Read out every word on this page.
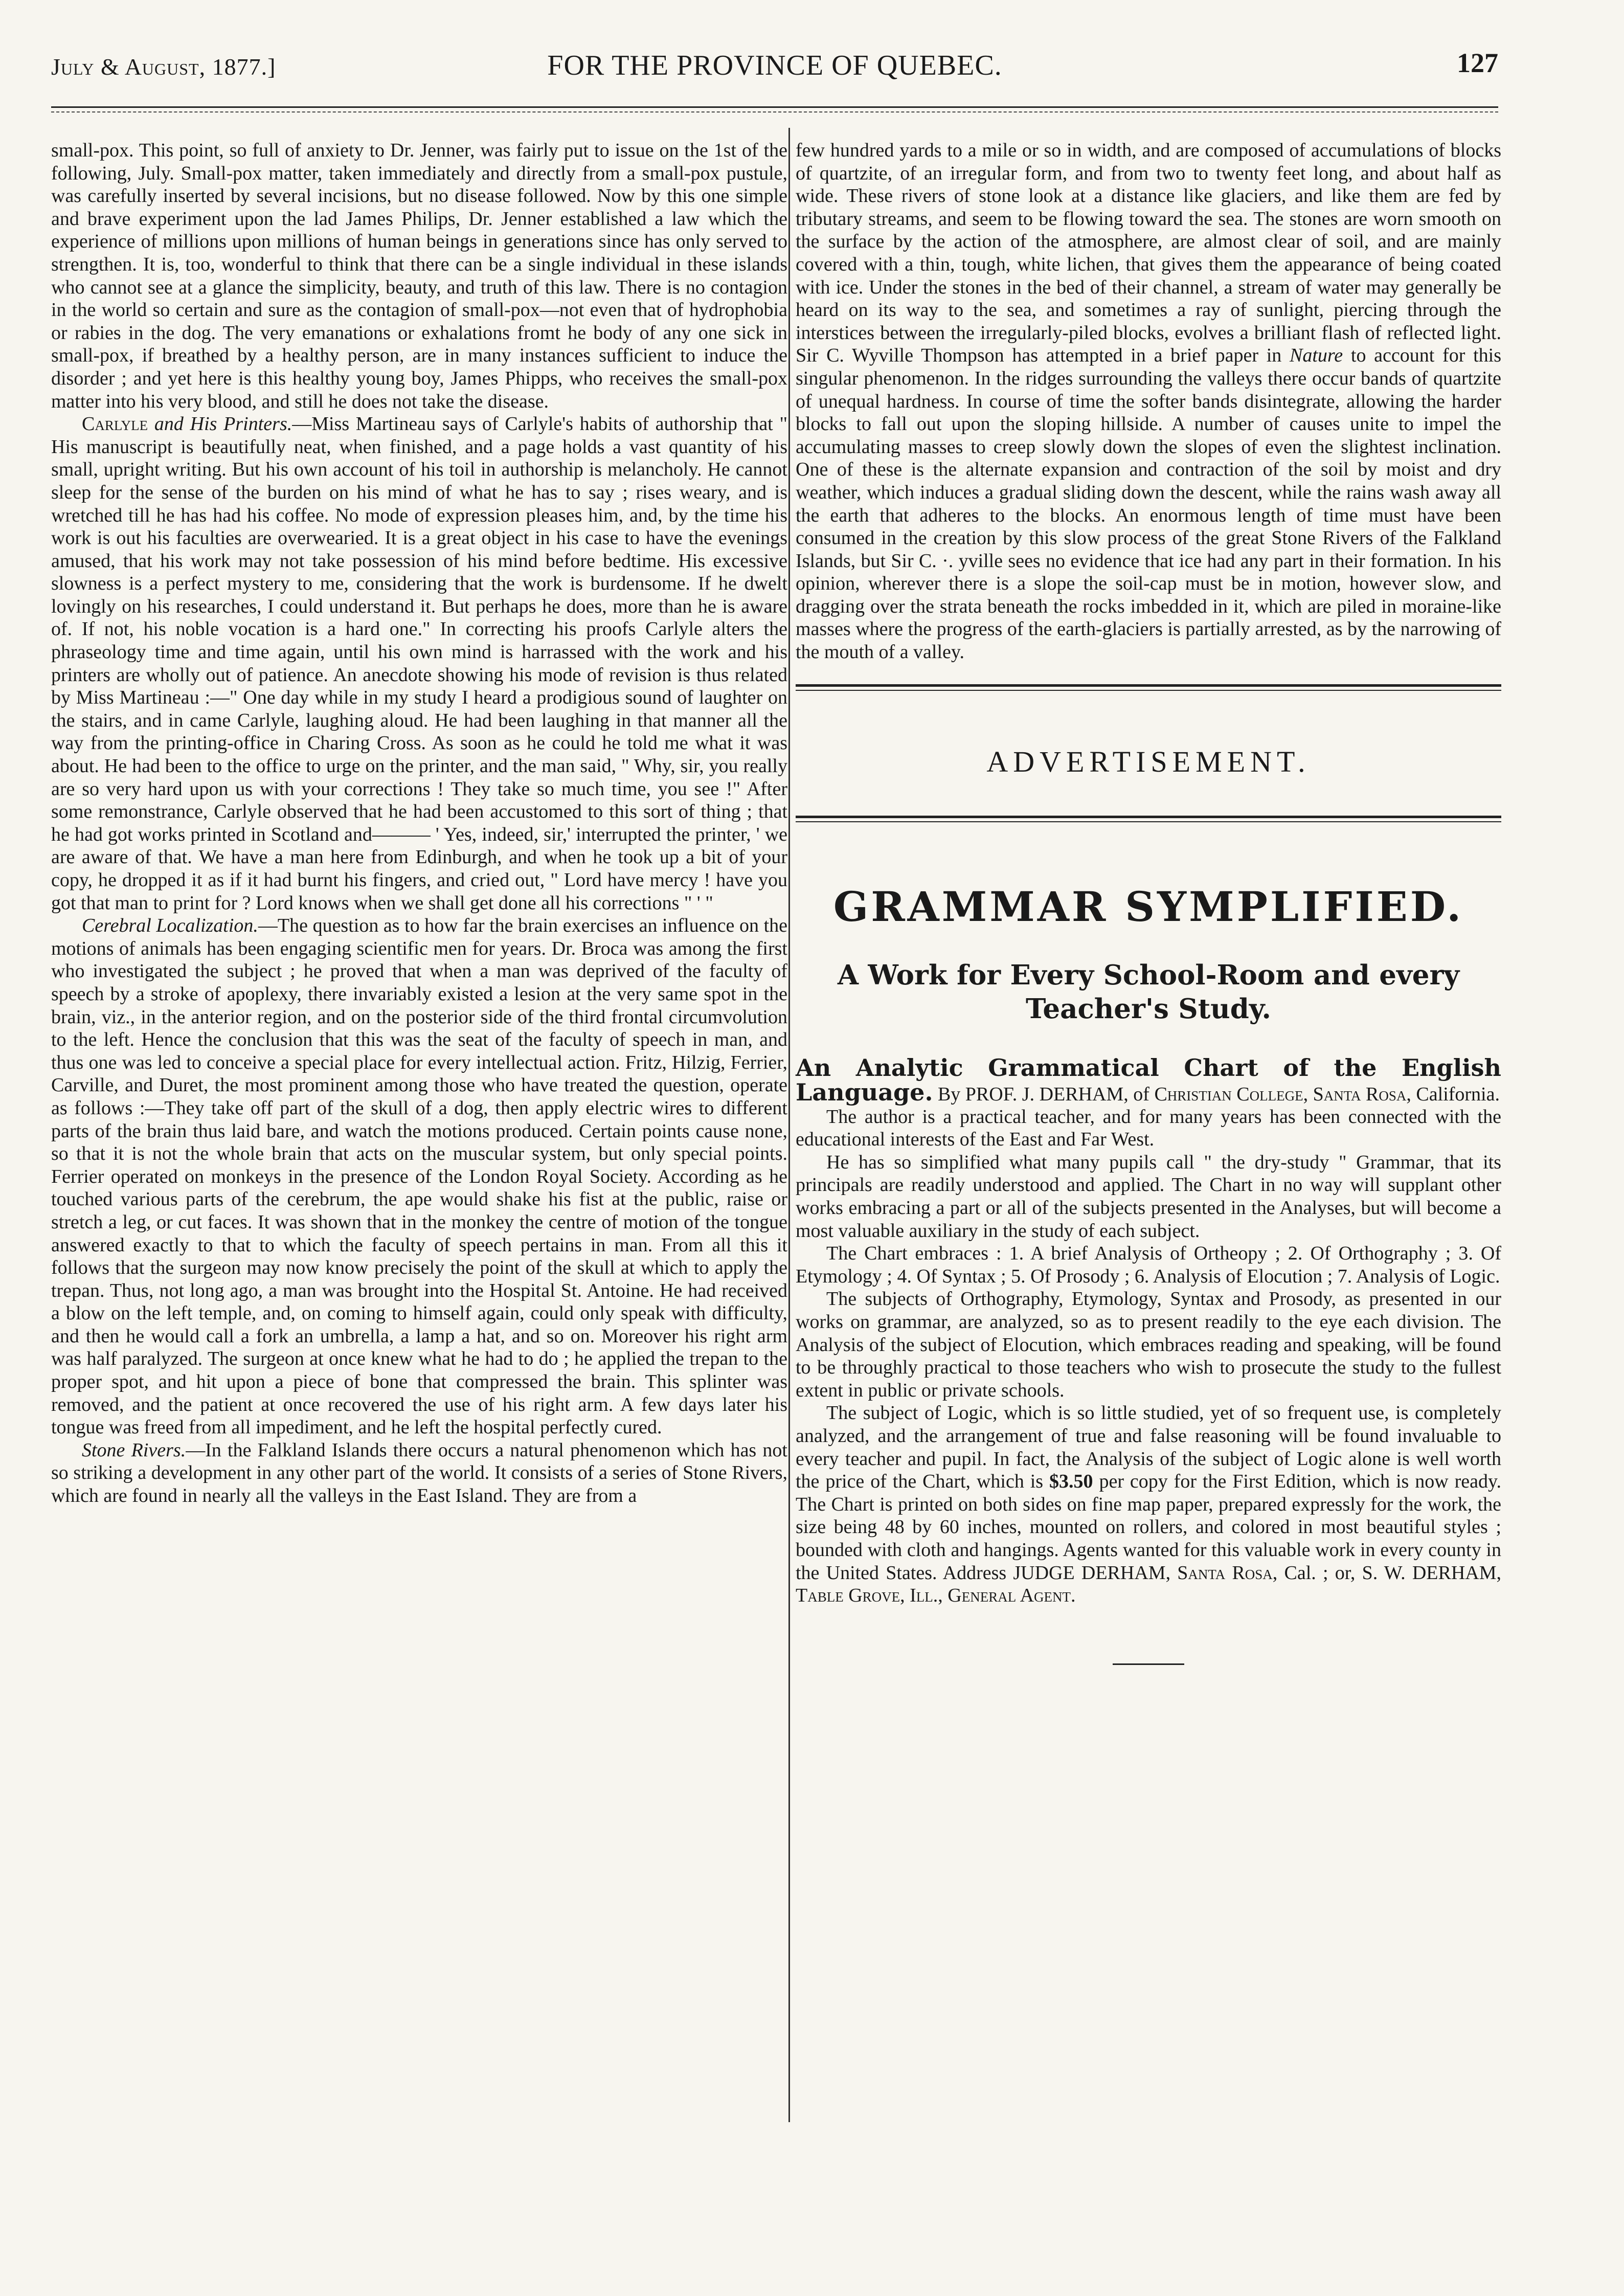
July & August, 1877.]	FOR THE PROVINCE OF QUEBEC.	127

small-pox. This point, so full of anxiety to Dr. Jenner, was fairly put to issue on the 1st of the following, July. Small-pox matter, taken immediately and directly from a small-pox pustule, was carefully inserted by several incisions, but no disease followed. Now by this one simple and brave experiment upon the lad James Philips, Dr. Jenner established a law which the experience of millions upon millions of human beings in generations since has only served to strengthen. It is, too, wonderful to think that there can be a single individual in these islands who cannot see at a glance the simplicity, beauty, and truth of this law. There is no contagion in the world so certain and sure as the contagion of small-pox—not even that of hydrophobia or rabies in the dog. The very emanations or exhalations fromt he body of any one sick in small-pox, if breathed by a healthy person, are in many instances sufficient to induce the disorder ; and yet here is this healthy young boy, James Phipps, who receives the small-pox matter into his very blood, and still he does not take the disease.

Carlyle and His Printers.—Miss Martineau says of Carlyle's habits of authorship that " His manuscript is beautifully neat, when finished, and a page holds a vast quantity of his small, upright writing. But his own account of his toil in authorship is melancholy. He cannot sleep for the sense of the burden on his mind of what he has to say ; rises weary, and is wretched till he has had his coffee. No mode of expression pleases him, and, by the time his work is out his faculties are overwearied. It is a great object in his case to have the evenings amused, that his work may not take possession of his mind before bedtime. His excessive slowness is a perfect mystery to me, considering that the work is burdensome. If he dwelt lovingly on his researches, I could understand it. But perhaps he does, more than he is aware of. If not, his noble vocation is a hard one." In correcting his proofs Carlyle alters the phraseology time and time again, until his own mind is harrassed with the work and his printers are wholly out of patience. An anecdote showing his mode of revision is thus related by Miss Martineau :—" One day while in my study I heard a prodigious sound of laughter on the stairs, and in came Carlyle, laughing aloud. He had been laughing in that manner all the way from the printing-office in Charing Cross. As soon as he could he told me what it was about. He had been to the office to urge on the printer, and the man said, " Why, sir, you really are so very hard upon us with your corrections ! They take so much time, you see !" After some remonstrance, Carlyle observed that he had been accustomed to this sort of thing ; that he had got works printed in Scotland and——— ' Yes, indeed, sir,' interrupted the printer, ' we are aware of that. We have a man here from Edinburgh, and when he took up a bit of your copy, he dropped it as if it had burnt his fingers, and cried out, " Lord have mercy ! have you got that man to print for ? Lord knows when we shall get done all his corrections " ' "

Cerebral Localization.—The question as to how far the brain exercises an influence on the motions of animals has been engaging scientific men for years. Dr. Broca was among the first who investigated the subject ; he proved that when a man was deprived of the faculty of speech by a stroke of apoplexy, there invariably existed a lesion at the very same spot in the brain, viz., in the anterior region, and on the posterior side of the third frontal circumvolution to the left. Hence the conclusion that this was the seat of the faculty of speech in man, and thus one was led to conceive a special place for every intellectual action. Fritz, Hilzig, Ferrier, Carville, and Duret, the most prominent among those who have treated the question, operate as follows :—They take off part of the skull of a dog, then apply electric wires to different parts of the brain thus laid bare, and watch the motions produced. Certain points cause none, so that it is not the whole brain that acts on the muscular system, but only special points. Ferrier operated on monkeys in the presence of the London Royal Society. According as he touched various parts of the cerebrum, the ape would shake his fist at the public, raise or stretch a leg, or cut faces. It was shown that in the monkey the centre of motion of the tongue answered exactly to that to which the faculty of speech pertains in man. From all this it follows that the surgeon may now know precisely the point of the skull at which to apply the trepan. Thus, not long ago, a man was brought into the Hospital St. Antoine. He had received a blow on the left temple, and, on coming to himself again, could only speak with difficulty, and then he would call a fork an umbrella, a lamp a hat, and so on. Moreover his right arm was half paralyzed. The surgeon at once knew what he had to do ; he applied the trepan to the proper spot, and hit upon a piece of bone that compressed the brain. This splinter was removed, and the patient at once recovered the use of his right arm. A few days later his tongue was freed from all impediment, and he left the hospital perfectly cured.

Stone Rivers.—In the Falkland Islands there occurs a natural phenomenon which has not so striking a development in any other part of the world. It consists of a series of Stone Rivers, which are found in nearly all the valleys in the East Island. They are from a

few hundred yards to a mile or so in width, and are composed of accumulations of blocks of quartzite, of an irregular form, and from two to twenty feet long, and about half as wide. These rivers of stone look at a distance like glaciers, and like them are fed by tributary streams, and seem to be flowing toward the sea. The stones are worn smooth on the surface by the action of the atmosphere, are almost clear of soil, and are mainly covered with a thin, tough, white lichen, that gives them the appearance of being coated with ice. Under the stones in the bed of their channel, a stream of water may generally be heard on its way to the sea, and sometimes a ray of sunlight, piercing through the interstices between the irregularly-piled blocks, evolves a brilliant flash of reflected light. Sir C. Wyville Thompson has attempted in a brief paper in Nature to account for this singular phenomenon. In the ridges surrounding the valleys there occur bands of quartzite of unequal hardness. In course of time the softer bands disintegrate, allowing the harder blocks to fall out upon the sloping hillside. A number of causes unite to impel the accumulating masses to creep slowly down the slopes of even the slightest inclination. One of these is the alternate expansion and contraction of the soil by moist and dry weather, which induces a gradual sliding down the descent, while the rains wash away all the earth that adheres to the blocks. An enormous length of time must have been consumed in the creation by this slow process of the great Stone Rivers of the Falkland Islands, but Sir C. ·. yville sees no evidence that ice had any part in their formation. In his opinion, wherever there is a slope the soil-cap must be in motion, however slow, and dragging over the strata beneath the rocks imbedded in it, which are piled in moraine-like masses where the progress of the earth-glaciers is partially arrested, as by the narrowing of the mouth of a valley.

ADVERTISEMENT.
GRAMMAR SYMPLIFIED.
A Work for Every School-Room and every Teacher's Study.

An Analytic Grammatical Chart of the English Language. By PROF. J. DERHAM, of Christian College, Santa Rosa, California.

The author is a practical teacher, and for many years has been connected with the educational interests of the East and Far West.

He has so simplified what many pupils call " the dry-study " Grammar, that its principals are readily understood and applied. The Chart in no way will supplant other works embracing a part or all of the subjects presented in the Analyses, but will become a most valuable auxiliary in the study of each subject.

The Chart embraces : 1. A brief Analysis of Ortheopy ; 2. Of Orthography ; 3. Of Etymology ; 4. Of Syntax ; 5. Of Prosody ; 6. Analysis of Elocution ; 7. Analysis of Logic.

The subjects of Orthography, Etymology, Syntax and Prosody, as presented in our works on grammar, are analyzed, so as to present readily to the eye each division. The Analysis of the subject of Elocution, which embraces reading and speaking, will be found to be throughly practical to those teachers who wish to prosecute the study to the fullest extent in public or private schools.

The subject of Logic, which is so little studied, yet of so frequent use, is completely analyzed, and the arrangement of true and false reasoning will be found invaluable to every teacher and pupil. In fact, the Analysis of the subject of Logic alone is well worth the price of the Chart, which is $3.50 per copy for the First Edition, which is now ready. The Chart is printed on both sides on fine map paper, prepared expressly for the work, the size being 48 by 60 inches, mounted on rollers, and colored in most beautiful styles ; bounded with cloth and hangings. Agents wanted for this valuable work in every county in the United States. Address JUDGE DERHAM, Santa Rosa, Cal. ; or, S. W. DERHAM, Table Grove, Ill., General Agent.
